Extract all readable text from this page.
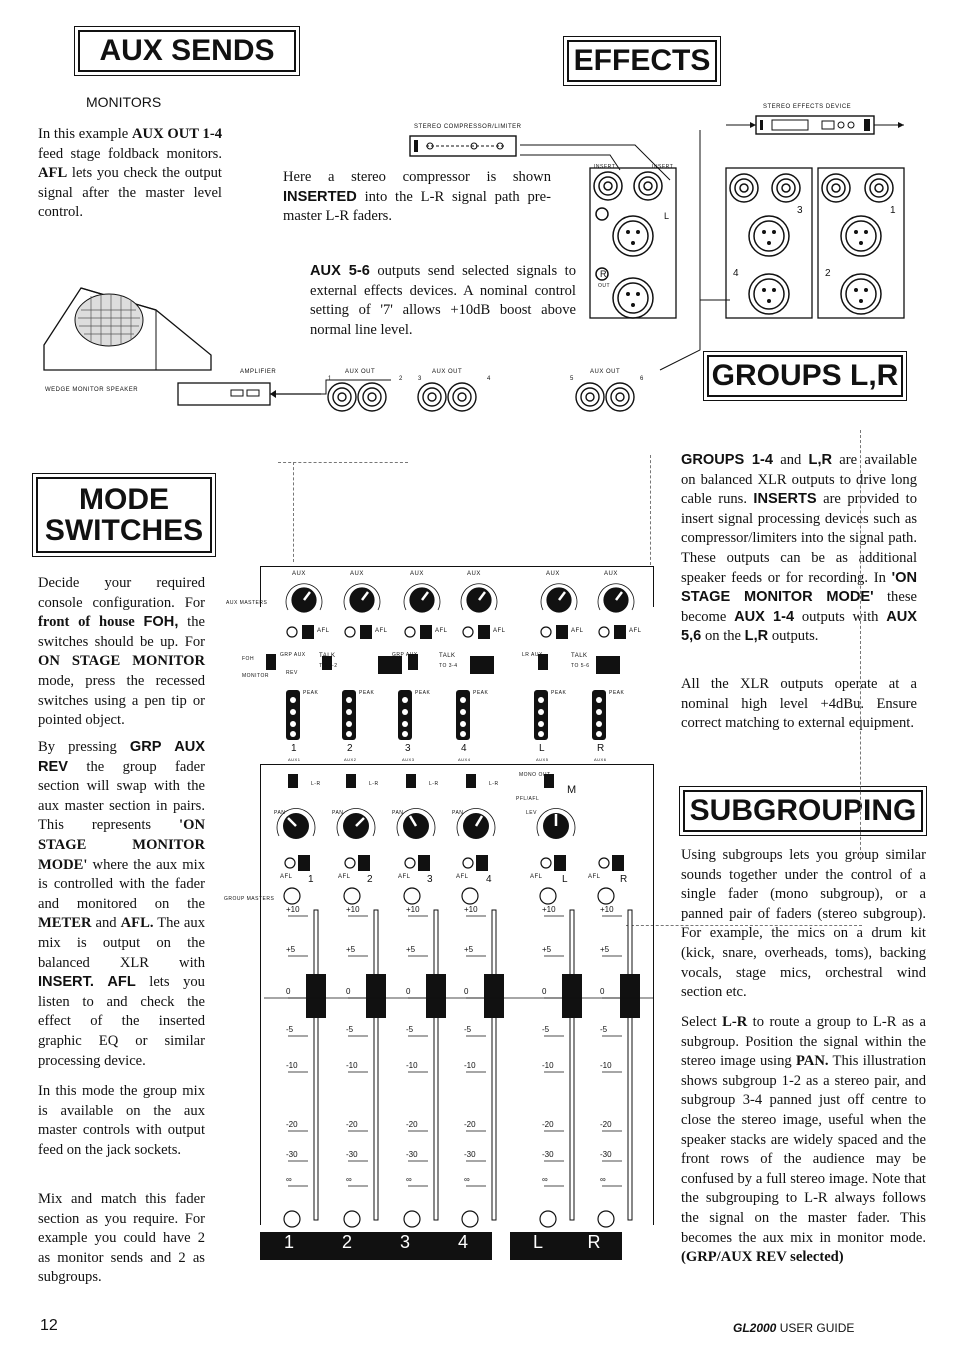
AUX SENDS
MONITORS
In this example AUX OUT 1-4 feed stage foldback monitors. AFL lets you check the output signal after the master level control.
AMPLIFIER
WEDGE MONITOR SPEAKER
AUX OUT	AUX OUT	AUX OUT
1	2	3	4	5	6
EFFECTS
STEREO COMPRESSOR/LIMITER
STEREO EFFECTS DEVICE
Here a stereo compressor is shown INSERTED into the L-R signal path pre-master L-R faders.
AUX 5-6 outputs send selected signals to external effects devices. A nominal control setting of '7' allows +10dB boost above normal line level.
INSERT	INSERT
L
R
OUT
3	1
4	2
GROUPS L,R
GROUPS 1-4 and L,R are available on balanced XLR outputs to drive long cable runs. INSERTS are provided to insert signal processing devices such as compressor/limiters into the signal path. These outputs can be as additional speaker feeds or for recording. In 'ON STAGE MONITOR MODE' these become AUX 1-4 outputs with AUX 5,6 on the L,R outputs.
All the XLR outputs operate at a nominal high level +4dBu. Ensure correct matching to external equipment.
MODE
SWITCHES
Decide your required console configuration. For front of house FOH, the switches should be up. For ON STAGE MONITOR mode, press the recessed switches using a pen tip or pointed object.
By pressing GRP AUX REV the group fader section will swap with the aux master section in pairs. This represents 'ON STAGE MONITOR MODE' where the aux mix is controlled with the fader and monitored on the METER and AFL. The aux mix is output on the balanced XLR with INSERT. AFL lets you listen to and check the effect of the inserted graphic EQ or similar processing device.
In this mode the group mix is available on the aux master controls with output feed on the jack sockets.
Mix and match this fader section as you require. For example you could have 2 as monitor sends and 2 as subgroups.
SUBGROUPING
Using subgroups lets you group similar sounds together under the control of a single fader (mono subgroup), or a panned pair of faders (stereo subgroup). For example, the mics on a drum kit (kick, snare, overheads, toms), backing vocals, stage mics, orchestral wind section etc.
Select L-R to route a group to L-R as a subgroup. Position the signal within the stereo image using PAN. This illustration shows subgroup 1-2 as a stereo pair, and subgroup 3-4 panned just off centre to close the stereo image, useful when the speaker stacks are widely spaced and the front rows of the audience may be confused by a full stereo image. Note that the subgrouping to L-R always follows the signal on the master fader. This becomes the aux mix in monitor mode. (GRP/AUX REV selected)
AUX	AUX	AUX	AUX	AUX	AUX
AUX MASTERS
AFL	AFL	AFL	AFL	AFL	AFL
FOH
MONITOR	REV
GRP AUX TALK
TO 1-2
GRP AUX	TALK
TO 3-4
LR AUX	TALK
TO 5-6
PEAK	PEAK	PEAK	PEAK	PEAK	PEAK
1	2	3	4	L	R
AUX1	AUX2	AUX3	AUX4	AUX5	AUX6
L-R	L-R	L-R	L-R
PAN	PAN	PAN	PAN
MONO OUT
PFL/AFL
LEV
M
AFL	AFL	AFL	AFL	AFL	AFL
1	2	3	4	L	R
GROUP MASTERS
+10
+5
0
-5
-10
-20
-30
∞
+10
+5
0
-5
-10
-20
-30
∞
+10
+5
0
-5
-10
-20
-30
∞
+10
+5
0
-5
-10
-20
-30
∞
+10
+5
0
-5
-10
-20
-30
∞
+10
+5
0
-5
-10
-20
-30
∞
1	2	3	4	L	R
12	GL2000 USER GUIDE
